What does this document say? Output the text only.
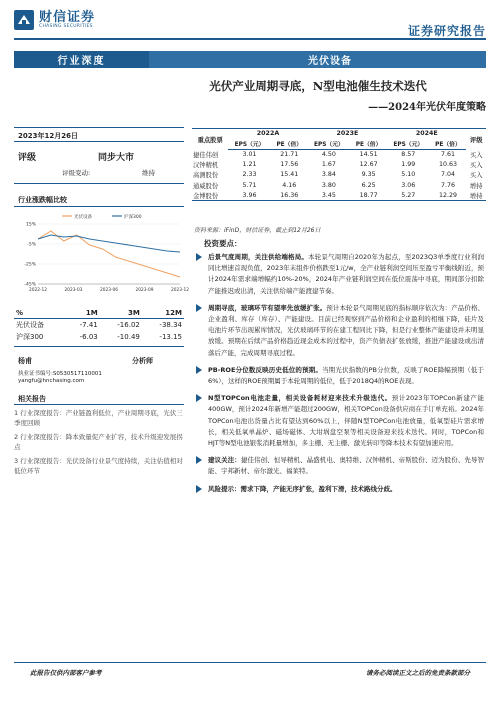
财信证券
CHASING SECURITIES	证券研究报告
行业深度	光伏设备
光伏产业周期寻底，N型电池催生技术迭代
——2024年光伏年度策略
2023年12月26日
评级	同步大市
评级变动:	维持
行业涨跌幅比较
光伏设备	沪深300
15%
-5%
-25%
-45%
2022-12	2023-03	2023-06	2023-09	2023-12
%	1M	3M	12M
光伏设备	-7.41	-16.02	-38.34
沪深300	-6.03	-10.49	-13.15
杨甫	分析师
执业证书编号:S0530517110001
yangfu@hnchasing.com
相关报告

1 行业深度报告：产业链盈利低位，产业周期寻底，光伏三季度回顾

2 行业深度报告：降本致量促产业扩容，技术升级迎发展拐点

3 行业深度报告：光伏设备行业景气度持续，关注估值相对低位环节

重点股票	2022A		2023E		2024E		评级
	EPS（元）	PE（倍）	EPS（元）	PE（倍）	EPS（元）	PE（倍）	
捷佳伟创	3.01	21.71	4.50	14.51	8.57	7.61	买入
汉钟精机	1.21	17.56	1.67	12.67	1.99	10.63	买入
高测股份	2.33	15.41	3.84	9.35	5.10	7.04	买入
通威股份	5.71	4.16	3.80	6.25	3.06	7.76	增持
金博股份	3.96	16.36	3.45	18.77	5.27	12.29	增持
资料来源：iFinD，财信证券，截止到12月26日
投资要点：
后景气度周期，关注供给端格局。本轮景气周期自2020年为起点，至2023Q3单季度行业利润同比增速首现负值，2023年末组件价格跌至1元/w，全产业链利润空间压至盈亏平衡线附近，预计2024年需求端增幅约10%-20%，2024年产业链利润空间在低位震荡中寻底，期间部分扣除产能推迟或出清，关注供给端产能渡建节奏。
周期寻底，玻璃环节有望率先放缓扩张。预计本轮景气周期见底的指标顺序依次为：产品价格、企业盈利、库存（库存）、产能建设。目前已经观察到产品价格和企业盈利的相继下降，硅片及电池片环节出现累库情况，光伏玻璃环节的在建工程同比下降，但是行业整体产能建设并未明显放缓。预期在后续产品价格趋近现金成本的过程中，资产负债表扩张放缓，推进产能建设或出清落后产能，完成周期寻底过程。
PB-ROE分位数反映历史低位的预期。当期光伏指数的PB分位数，反映了ROE降幅预期（低于6%），这样的ROE预期属于本轮周期的低位，低于2018Q4的ROE表现。
N型TOPCon电池走量，相关设备耗材迎来技术升级迭代。预计2023年TOPCon新建产能400GW，预计2024年新增产能超过200GW，相关TOPCon设备供应商在手订单充裕。2024年TOPCon电池出货量占比有望达到60%以上，伴随N型TOPCon电池放量，低氧型硅片需求增长，相关低氧单晶炉、磁场磁体、大坩埚盘空泵等相关设备迎来技术迭代。同时，TOPCon和HJT等N型电池银浆消耗量增加，多主栅、无主栅、激光转印等降本技术有望加速应用。
建议关注：捷佳伟创、恒导精机、晶盛机电、奥特维、汉钟精机、帝斯股份、迈为股份、先导智能、宇邦新材、帝尔激光、福莱特。
风险提示：需求下降，产能无序扩张，盈利下滑，技术路线分歧。
此报告仅供内部客户参考	请务必阅读正文之后的免责条款部分
